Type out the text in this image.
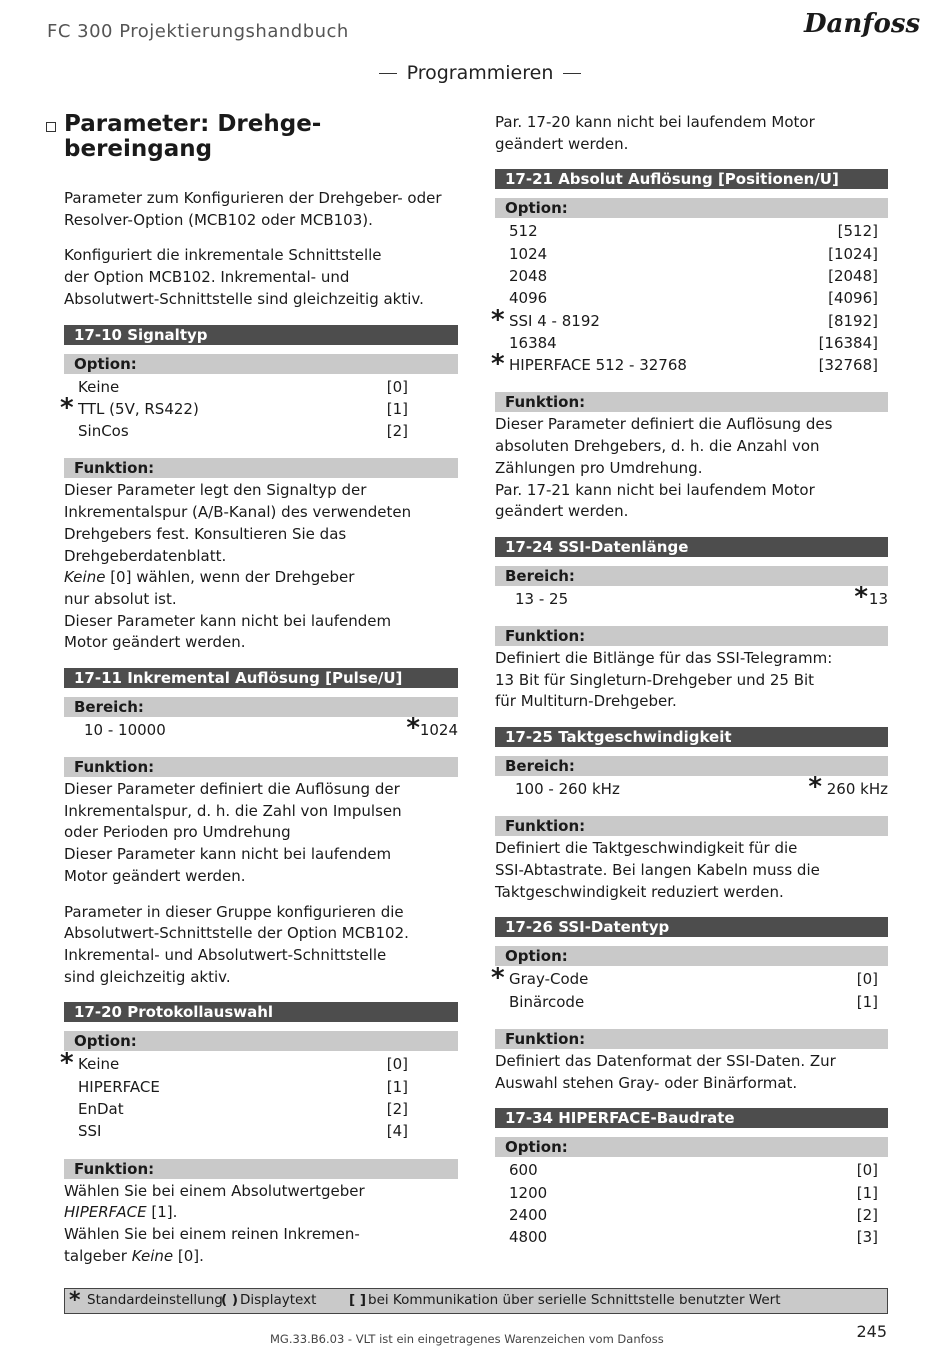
FC 300 Projektierungshandbuch	Danfoss
Programmieren
Parameter: Drehge-
bereingang

Parameter zum Konfigurieren der Drehgeber- oder
Resolver-Option (MCB102 oder MCB103).

Konfiguriert die inkrementale Schnittstelle
der Option MCB102. Inkremental- und
Absolutwert-Schnittstelle sind gleichzeitig aktiv.

17-10 Signaltyp
Option:
Keine	[0]
* TTL (5V, RS422)	[1]
SinCos	[2]
Funktion:

Dieser Parameter legt den Signaltyp der
Inkrementalspur (A/B-Kanal) des verwendeten
Drehgebers fest. Konsultieren Sie das
Drehgeberdatenblatt.
Keine [0] wählen, wenn der Drehgeber
nur absolut ist.
Dieser Parameter kann nicht bei laufendem
Motor geändert werden.

17-11 Inkremental Auflösung [Pulse/U]
Bereich:
10 - 10000	* 1024
Funktion:

Dieser Parameter definiert die Auflösung der
Inkrementalspur, d. h. die Zahl von Impulsen
oder Perioden pro Umdrehung
Dieser Parameter kann nicht bei laufendem
Motor geändert werden.

Parameter in dieser Gruppe konfigurieren die
Absolutwert-Schnittstelle der Option MCB102.
Inkremental- und Absolutwert-Schnittstelle
sind gleichzeitig aktiv.

17-20 Protokollauswahl
Option:
* Keine	[0]
HIPERFACE	[1]
EnDat	[2]
SSI	[4]
Funktion:

Wählen Sie bei einem Absolutwertgeber
HIPERFACE [1].
Wählen Sie bei einem reinen Inkremen-
talgeber Keine [0].

Par. 17-20 kann nicht bei laufendem Motor
geändert werden.

17-21 Absolut Auflösung [Positionen/U]
Option:
512	[512]
1024	[1024]
2048	[2048]
4096	[4096]
* SSI 4 - 8192	[8192]
16384	[16384]
* HIPERFACE 512 - 32768	[32768]
Funktion:

Dieser Parameter definiert die Auflösung des
absoluten Drehgebers, d. h. die Anzahl von
Zählungen pro Umdrehung.
Par. 17-21 kann nicht bei laufendem Motor
geändert werden.

17-24 SSI-Datenlänge
Bereich:
13 - 25	* 13
Funktion:

Definiert die Bitlänge für das SSI-Telegramm:
13 Bit für Singleturn-Drehgeber und 25 Bit
für Multiturn-Drehgeber.

17-25 Taktgeschwindigkeit
Bereich:
100 - 260 kHz	* 260 kHz
Funktion:

Definiert die Taktgeschwindigkeit für die
SSI-Abtastrate. Bei langen Kabeln muss die
Taktgeschwindigkeit reduziert werden.

17-26 SSI-Datentyp
Option:
* Gray-Code	[0]
Binärcode	[1]
Funktion:

Definiert das Datenformat der SSI-Daten. Zur
Auswahl stehen Gray- oder Binärformat.

17-34 HIPERFACE-Baudrate
Option:
600	[0]
1200	[1]
2400	[2]
4800	[3]
* Standardeinstellung
( ) Displaytext [ ] bei Kommunikation über serielle Schnittstelle benutzter Wert
MG.33.B6.03 - VLT ist ein eingetragenes Warenzeichen vom Danfoss	245
